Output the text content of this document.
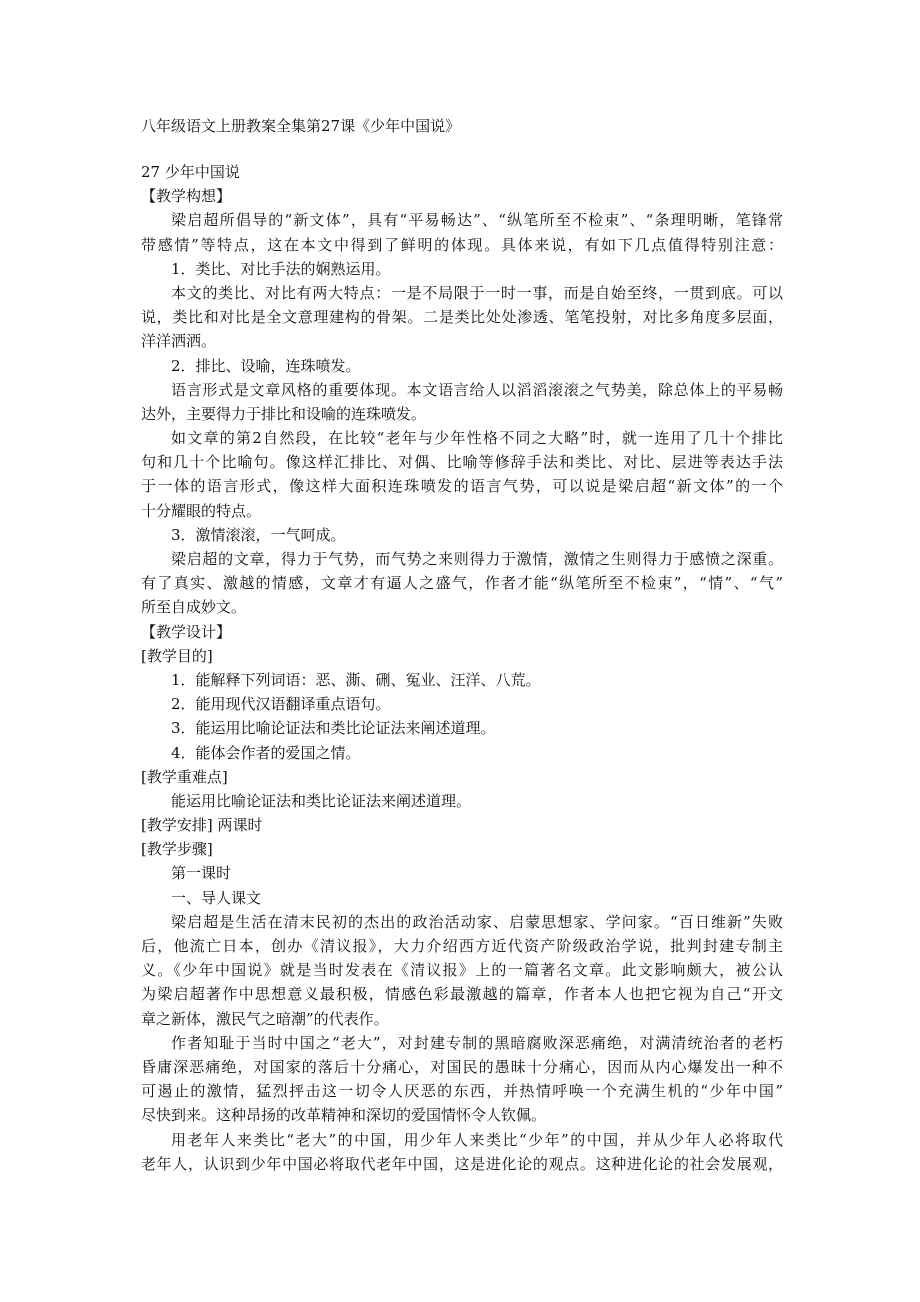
八年级语文上册教案全集第27课《少年中国说》
27 少年中国说
【教学构想】
梁启超所倡导的“新文体”，具有“平易畅达”、“纵笔所至不检束”、“条理明晰，笔锋常
带感情”等特点，这在本文中得到了鲜明的体现。具体来说，有如下几点值得特别注意：
1．类比、对比手法的娴熟运用。
本文的类比、对比有两大特点：一是不局限于一时一事，而是自始至终，一贯到底。可以
说，类比和对比是全文意理建构的骨架。二是类比处处渗透、笔笔投射，对比多角度多层面，
洋洋洒洒。
2．排比、设喻，连珠喷发。
语言形式是文章风格的重要体现。本文语言给人以滔滔滚滚之气势美，除总体上的平易畅
达外，主要得力于排比和设喻的连珠喷发。
如文章的第2自然段，在比较“老年与少年性格不同之大略”时，就一连用了几十个排比
句和几十个比喻句。像这样汇排比、对偶、比喻等修辞手法和类比、对比、层进等表达手法
于一体的语言形式，像这样大面积连珠喷发的语言气势，可以说是梁启超“新文体”的一个
十分耀眼的特点。
3．激情滚滚，一气呵成。
梁启超的文章，得力于气势，而气势之来则得力于激情，激情之生则得力于感愤之深重。
有了真实、激越的情感，文章才有逼人之盛气，作者才能“纵笔所至不检束”，“情”、“气”
所至自成妙文。
【教学设计】
[教学目的]
1．能解释下列词语：恶、澌、硎、冤业、汪洋、八荒。
2．能用现代汉语翻译重点语句。
3．能运用比喻论证法和类比论证法来阐述道理。
4．能体会作者的爱国之情。
[教学重难点]
能运用比喻论证法和类比论证法来阐述道理。
[教学安排] 两课时
[教学步骤]
第一课时
一、导人课文
梁启超是生活在清末民初的杰出的政治活动家、启蒙思想家、学问家。“百日维新”失败
后，他流亡日本，创办《清议报》，大力介绍西方近代资产阶级政治学说，批判封建专制主
义。《少年中国说》就是当时发表在《清议报》上的一篇著名文章。此文影响颇大，被公认
为梁启超著作中思想意义最积极，情感色彩最激越的篇章，作者本人也把它视为自己“开文
章之新体，激民气之暗潮”的代表作。
作者知耻于当时中国之“老大”，对封建专制的黑暗腐败深恶痛绝，对满清统治者的老朽
昏庸深恶痛绝，对国家的落后十分痛心，对国民的愚昧十分痛心，因而从内心爆发出一种不
可遏止的激情，猛烈抨击这一切令人厌恶的东西，并热情呼唤一个充满生机的“少年中国”
尽快到来。这种昂扬的改革精神和深切的爱国情怀令人钦佩。
用老年人来类比“老大”的中国，用少年人来类比“少年”的中国，并从少年人必将取代
老年人，认识到少年中国必将取代老年中国，这是进化论的观点。这种进化论的社会发展观，
